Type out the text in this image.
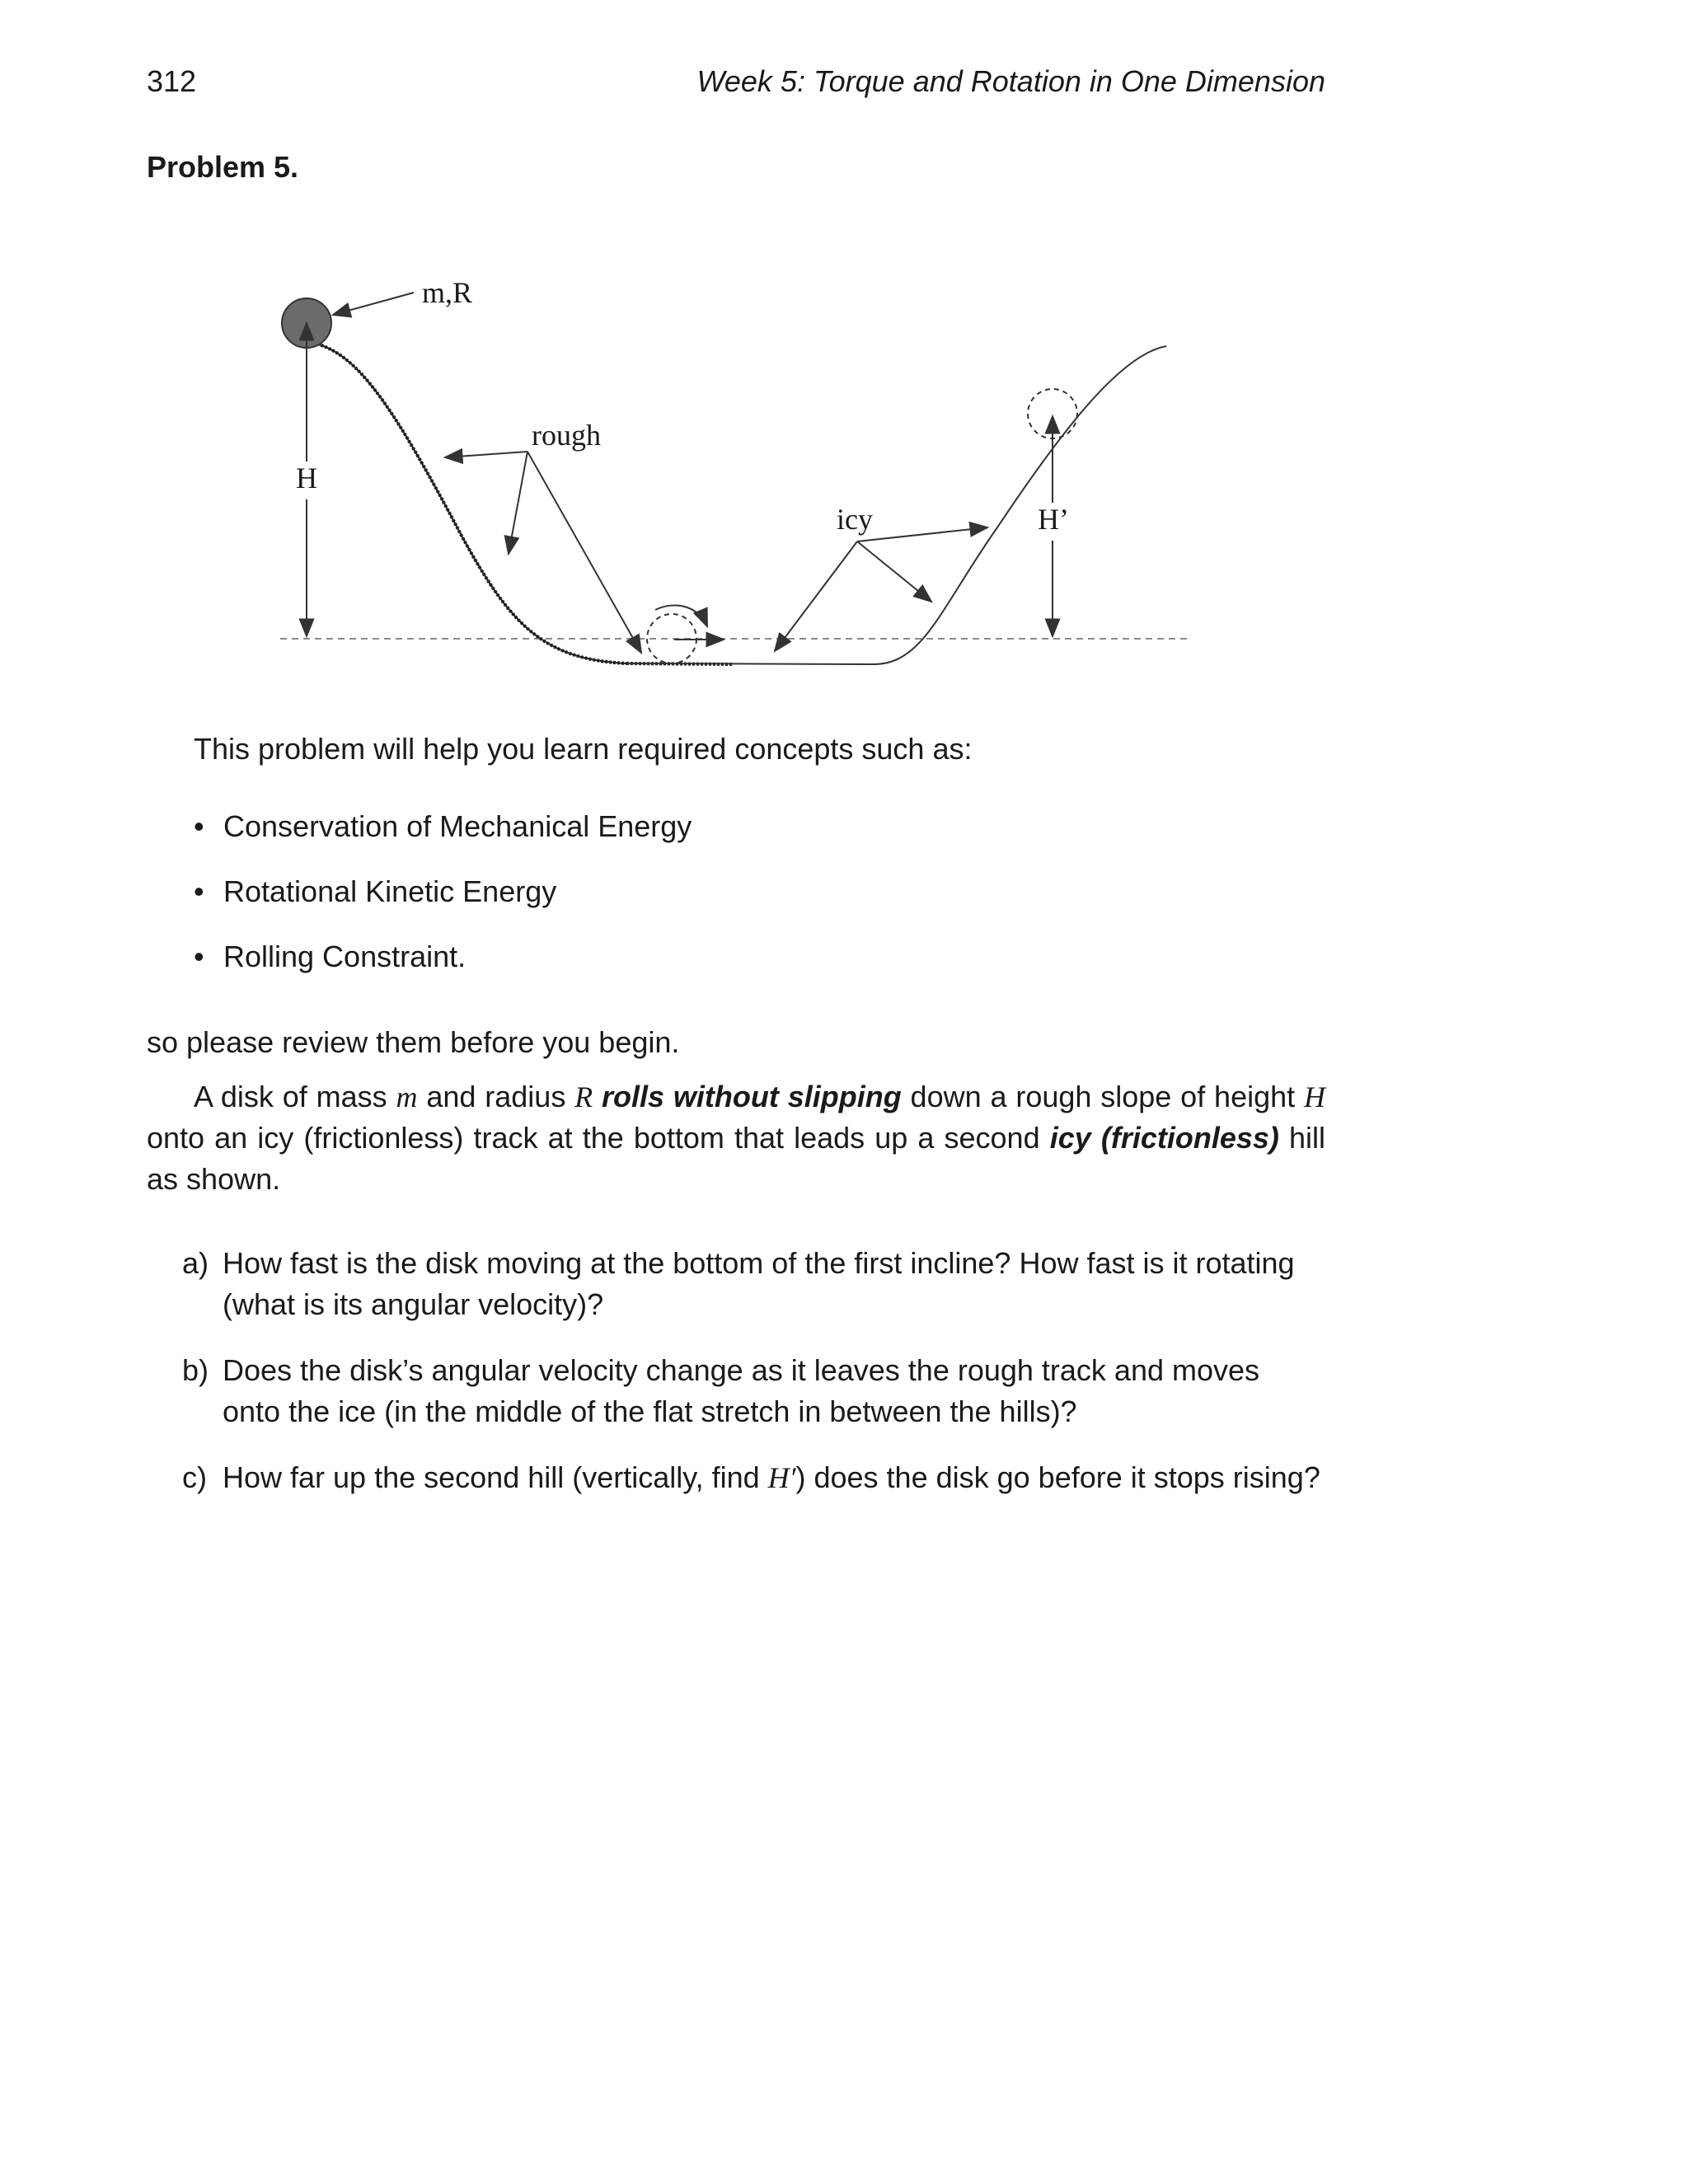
312	Week 5: Torque and Rotation in One Dimension
Problem 5.
H
m,R
rough
icy	H’
This problem will help you learn required concepts such as:
• Conservation of Mechanical Energy
• Rotational Kinetic Energy
• Rolling Constraint.
so please review them before you begin.
A disk of mass m and radius R rolls without slipping down a rough slope of height H onto an icy (frictionless) track at the bottom that leads up a second icy (frictionless) hill as shown.
a) How fast is the disk moving at the bottom of the first incline? How fast is it rotating (what is its angular velocity)?
b) Does the disk’s angular velocity change as it leaves the rough track and moves onto the ice (in the middle of the flat stretch in between the hills)?
c) How far up the second hill (vertically, find H′) does the disk go before it stops rising?
